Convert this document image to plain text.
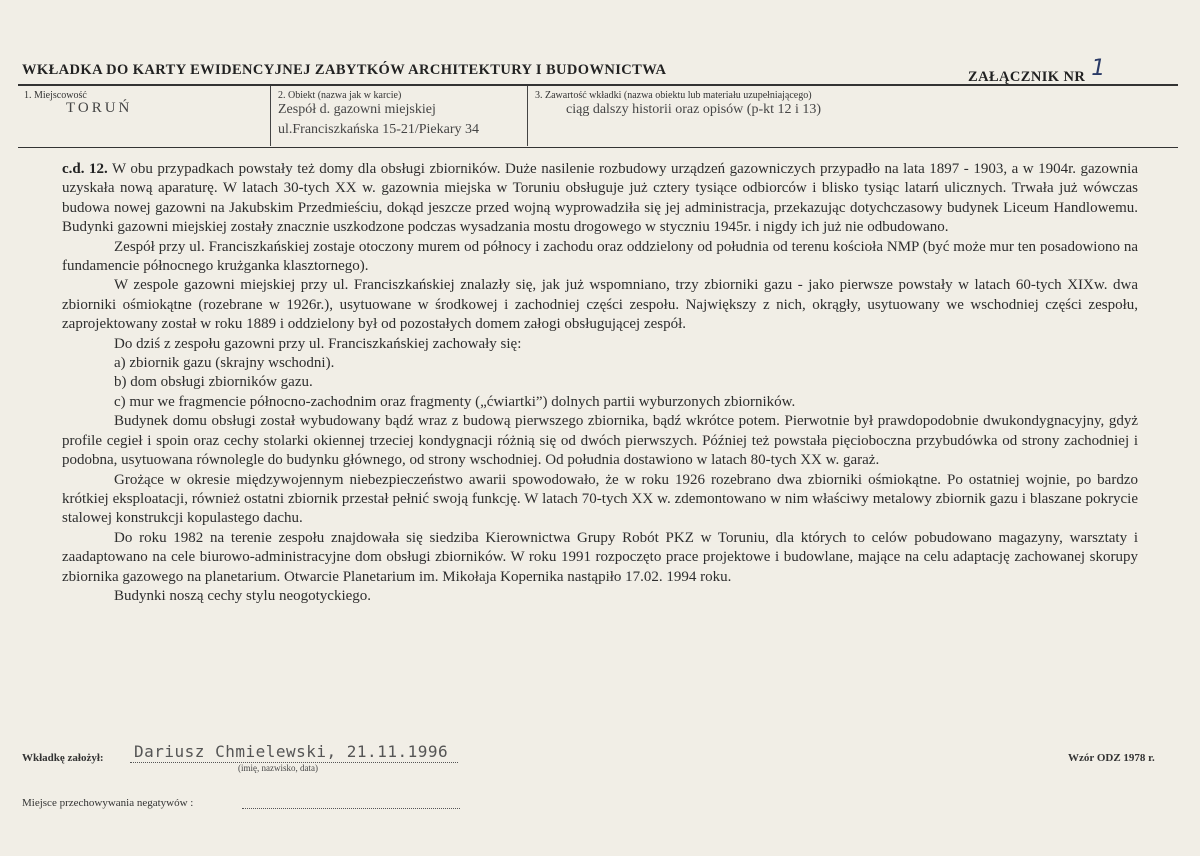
WKŁADKA DO KARTY EWIDENCYJNEJ ZABYTKÓW ARCHITEKTURY I BUDOWNICTWA	ZAŁĄCZNIK NR 1
1. Miejscowość
TORUŃ
2. Obiekt (nazwa jak w karcie)
Zespół d. gazowni miejskiej
ul.Franciszkańska 15-21/Piekary 34
3. Zawartość wkładki (nazwa obiektu lub materiału uzupełniającego)
ciąg dalszy historii oraz opisów (p-kt 12 i 13)

c.d. 12. W obu przypadkach powstały też domy dla obsługi zbiorników. Duże nasilenie rozbudowy urządzeń gazowniczych przypadło na lata 1897 - 1903, a w 1904r. gazownia uzyskała nową aparaturę. W latach 30-tych XX w. gazownia miejska w Toruniu obsługuje już cztery tysiące odbiorców i blisko tysiąc latarń ulicznych. Trwała już wówczas budowa nowej gazowni na Jakubskim Przedmieściu, dokąd jeszcze przed wojną wyprowadziła się jej administracja, przekazując dotychczasowy budynek Liceum Handlowemu. Budynki gazowni miejskiej zostały znacznie uszkodzone podczas wysadzania mostu drogowego w styczniu 1945r. i nigdy ich już nie odbudowano.

Zespół przy ul. Franciszkańskiej zostaje otoczony murem od północy i zachodu oraz oddzielony od południa od terenu kościoła NMP (być może mur ten posadowiono na fundamencie północnego krużganka klasztornego).

W zespole gazowni miejskiej przy ul. Franciszkańskiej znalazły się, jak już wspomniano, trzy zbiorniki gazu - jako pierwsze powstały w latach 60-tych XIXw. dwa zbiorniki ośmiokątne (rozebrane w 1926r.), usytuowane w środkowej i zachodniej części zespołu. Największy z nich, okrągły, usytuowany we wschodniej części zespołu, zaprojektowany został w roku 1889 i oddzielony był od pozostałych domem załogi obsługującej zespół.

Do dziś z zespołu gazowni przy ul. Franciszkańskiej zachowały się:

a) zbiornik gazu (skrajny wschodni).

b) dom obsługi zbiorników gazu.

c) mur we fragmencie północno-zachodnim oraz fragmenty („ćwiartki”) dolnych partii wyburzonych zbiorników.

Budynek domu obsługi został wybudowany bądź wraz z budową pierwszego zbiornika, bądź wkrótce potem. Pierwotnie był prawdopodobnie dwukondygnacyjny, gdyż profile cegieł i spoin oraz cechy stolarki okiennej trzeciej kondygnacji różnią się od dwóch pierwszych. Później też powstała pięcioboczna przybudówka od strony zachodniej i podobna, usytuowana równolegle do budynku głównego, od strony wschodniej. Od południa dostawiono w latach 80-tych XX w. garaż.

Grożące w okresie międzywojennym niebezpieczeństwo awarii spowodowało, że w roku 1926 rozebrano dwa zbiorniki ośmiokątne. Po ostatniej wojnie, po bardzo krótkiej eksploatacji, również ostatni zbiornik przestał pełnić swoją funkcję. W latach 70-tych XX w. zdemontowano w nim właściwy metalowy zbiornik gazu i blaszane pokrycie stalowej konstrukcji kopulastego dachu.

Do roku 1982 na terenie zespołu znajdowała się siedziba Kierownictwa Grupy Robót PKZ w Toruniu, dla których to celów pobudowano magazyny, warsztaty i zaadaptowano na cele biurowo-administracyjne dom obsługi zbiorników. W roku 1991 rozpoczęto prace projektowe i budowlane, mające na celu adaptację zachowanej skorupy zbiornika gazowego na planetarium. Otwarcie Planetarium im. Mikołaja Kopernika nastąpiło 17.02. 1994 roku.

Budynki noszą cechy stylu neogotyckiego.

Wkładkę założył: Dariusz Chmielewski, 21.11.1996
(imię, nazwisko, data)
Wzór ODZ 1978 r.
Miejsce przechowywania negatywów :
